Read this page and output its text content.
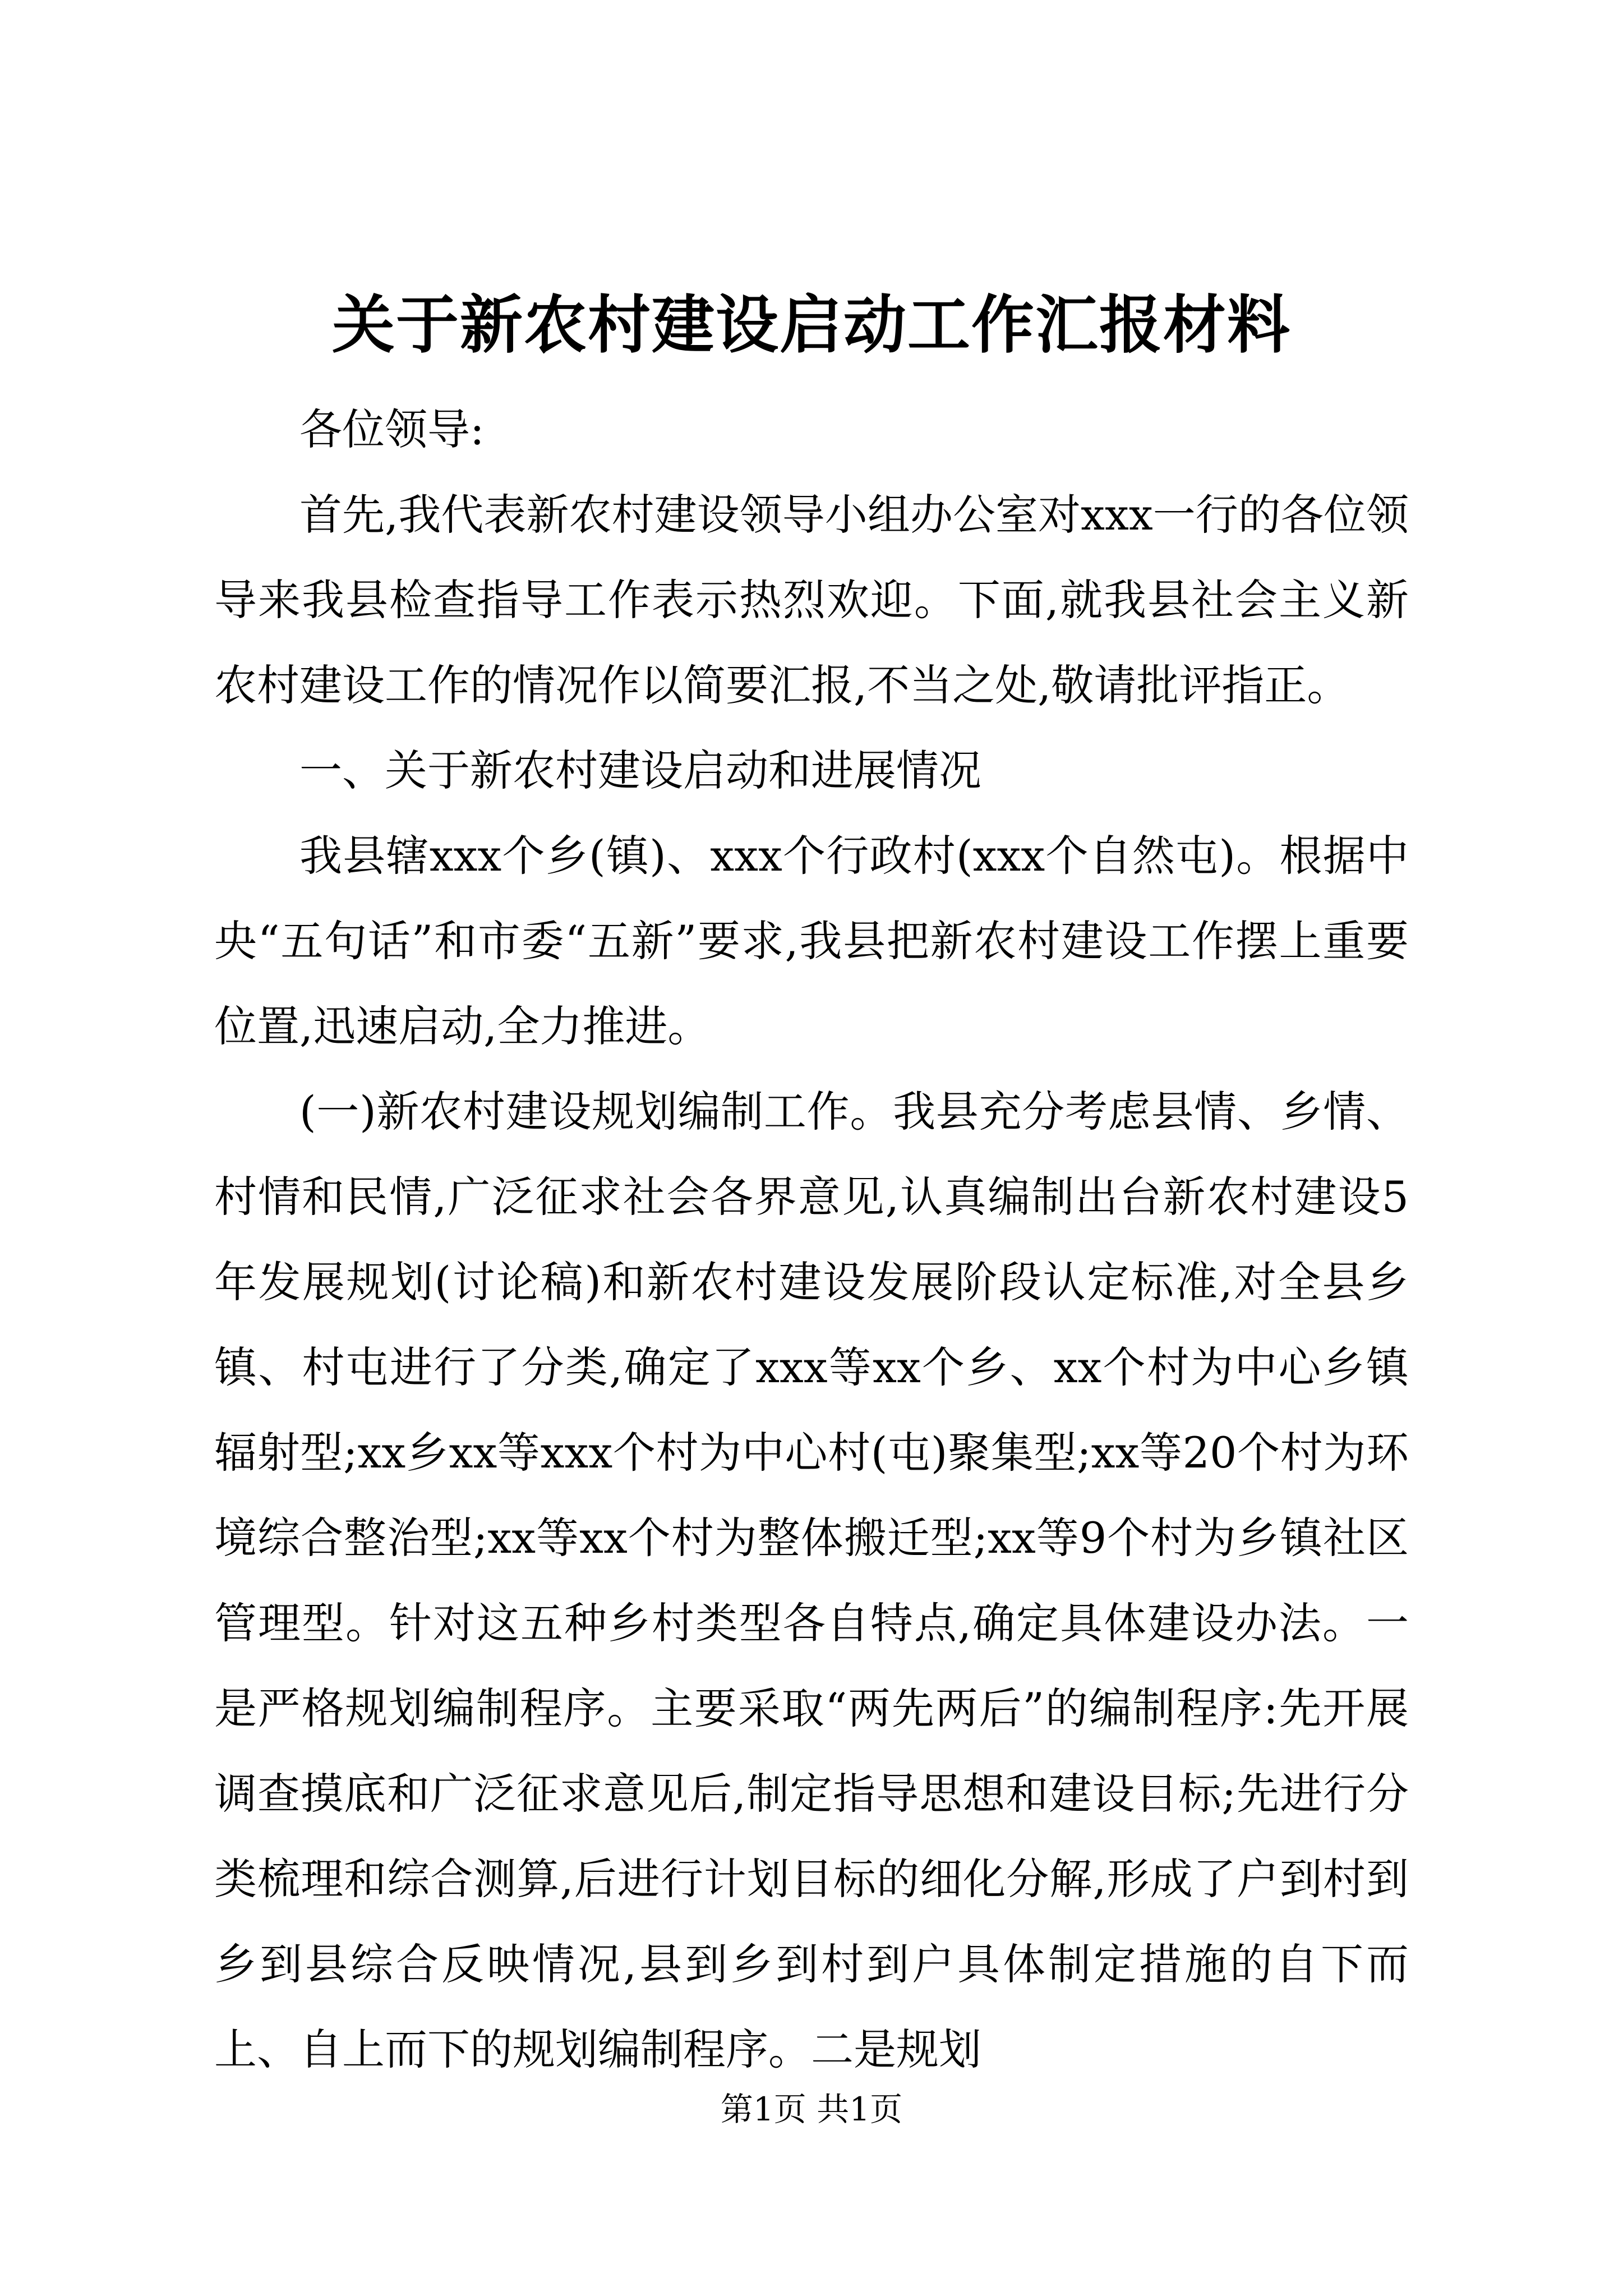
关于新农村建设启动工作汇报材料

各位领导:

首先,我代表新农村建设领导小组办公室对xxx一行的各位领导来我县检查指导工作表示热烈欢迎。下面,就我县社会主义新农村建设工作的情况作以简要汇报,不当之处,敬请批评指正。

一、关于新农村建设启动和进展情况

我县辖xxx个乡(镇)、xxx个行政村(xxx个自然屯)。根据中央“五句话”和市委“五新”要求,我县把新农村建设工作摆上重要位置,迅速启动,全力推进。

(一)新农村建设规划编制工作。我县充分考虑县情、乡情、村情和民情,广泛征求社会各界意见,认真编制出台新农村建设5年发展规划(讨论稿)和新农村建设发展阶段认定标准,对全县乡镇、村屯进行了分类,确定了xxx等xx个乡、xx个村为中心乡镇辐射型;xx乡xx等xxx个村为中心村(屯)聚集型;xx等20个村为环境综合整治型;xx等xx个村为整体搬迁型;xx等9个村为乡镇社区管理型。针对这五种乡村类型各自特点,确定具体建设办法。一是严格规划编制程序。主要采取“两先两后”的编制程序:先开展调查摸底和广泛征求意见后,制定指导思想和建设目标;先进行分类梳理和综合测算,后进行计划目标的细化分解,形成了户到村到乡到县综合反映情况,县到乡到村到户具体制定措施的自下而上、自上而下的规划编制程序。二是规划

第1页 共1页
